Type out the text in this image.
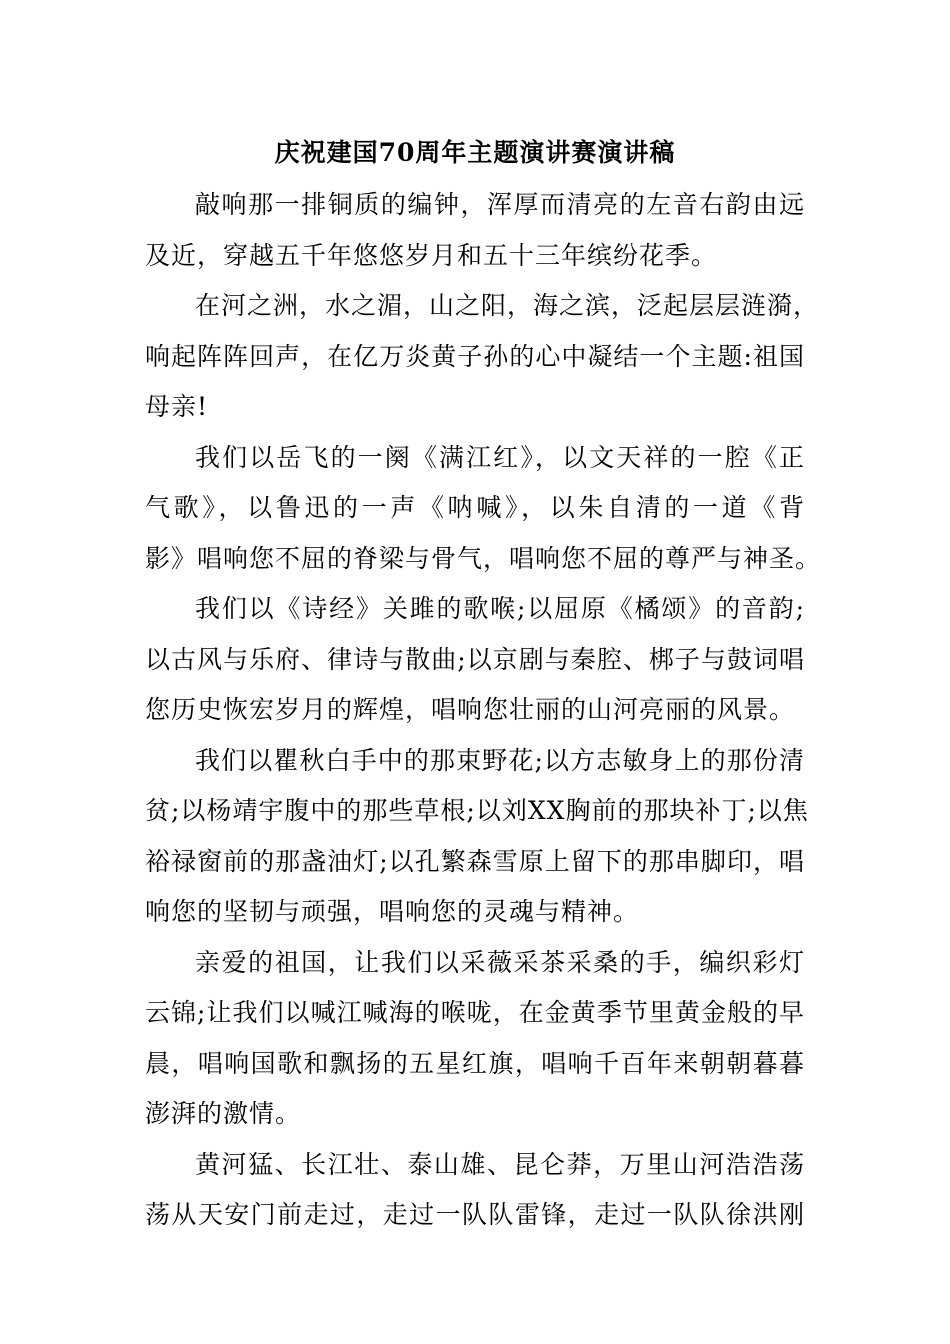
庆祝建国70周年主题演讲赛演讲稿

敲响那一排铜质的编钟，浑厚而清亮的左音右韵由远
及近，穿越五千年悠悠岁月和五十三年缤纷花季。

在河之洲，水之湄，山之阳，海之滨，泛起层层涟漪，
响起阵阵回声，在亿万炎黄子孙的心中凝结一个主题:祖国
母亲!

我们以岳飞的一阕《满江红》，以文天祥的一腔《正
气歌》，以鲁迅的一声《呐喊》，以朱自清的一道《背
影》唱响您不屈的脊梁与骨气，唱响您不屈的尊严与神圣。

我们以《诗经》关雎的歌喉;以屈原《橘颂》的音韵;
以古风与乐府、律诗与散曲;以京剧与秦腔、梆子与鼓词唱
您历史恢宏岁月的辉煌，唱响您壮丽的山河亮丽的风景。

我们以瞿秋白手中的那束野花;以方志敏身上的那份清
贫;以杨靖宇腹中的那些草根;以刘XX胸前的那块补丁;以焦
裕禄窗前的那盏油灯;以孔繁森雪原上留下的那串脚印，唱
响您的坚韧与顽强，唱响您的灵魂与精神。

亲爱的祖国，让我们以采薇采茶采桑的手，编织彩灯
云锦;让我们以喊江喊海的喉咙，在金黄季节里黄金般的早
晨，唱响国歌和飘扬的五星红旗，唱响千百年来朝朝暮暮
澎湃的激情。

黄河猛、长江壮、泰山雄、昆仑莽，万里山河浩浩荡
荡从天安门前走过，走过一队队雷锋，走过一队队徐洪刚
